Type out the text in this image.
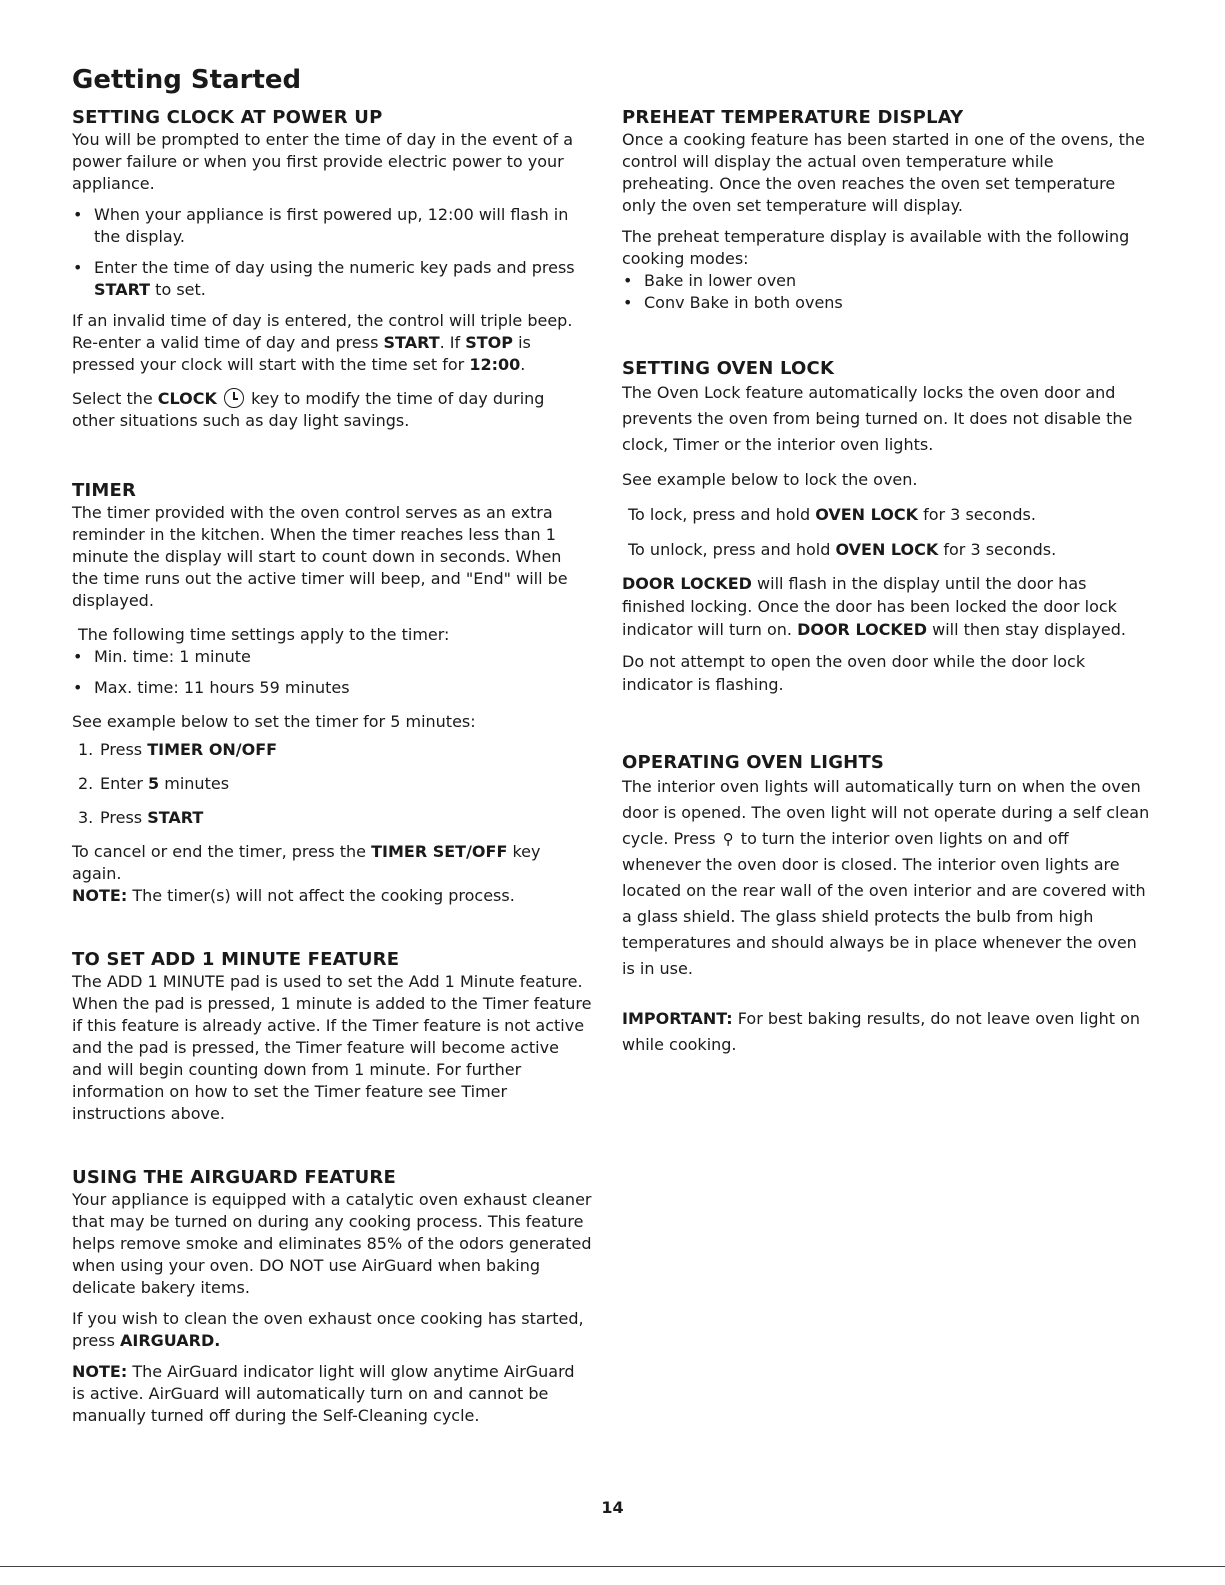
Getting Started
SETTING CLOCK AT POWER UP

You will be prompted to enter the time of day in the event of a power failure or when you first provide electric power to your appliance.

• When your appliance is first powered up, 12:00 will flash in the display.
• Enter the time of day using the numeric key pads and press START to set.

If an invalid time of day is entered, the control will triple beep. Re-enter a valid time of day and press START. If STOP is pressed your clock will start with the time set for 12:00.

Select the CLOCK  key to modify the time of day during other situations such as day light savings.

TIMER

The timer provided with the oven control serves as an extra reminder in the kitchen. When the timer reaches less than 1 minute the display will start to count down in seconds. When the time runs out the active timer will beep, and "End" will be displayed.

The following time settings apply to the timer:

• Min. time: 1 minute
• Max. time: 11 hours 59 minutes

See example below to set the timer for 5 minutes:

1. Press TIMER ON/OFF
2. Enter 5 minutes
3. Press START

To cancel or end the timer, press the TIMER SET/OFF key again.

NOTE: The timer(s) will not affect the cooking process.

TO SET ADD 1 MINUTE FEATURE

The ADD 1 MINUTE pad is used to set the Add 1 Minute feature. When the pad is pressed, 1 minute is added to the Timer feature if this feature is already active. If the Timer feature is not active and the pad is pressed, the Timer feature will become active and will begin counting down from 1 minute. For further information on how to set the Timer feature see Timer instructions above.

USING THE AIRGUARD FEATURE

Your appliance is equipped with a catalytic oven exhaust cleaner that may be turned on during any cooking process. This feature helps remove smoke and eliminates 85% of the odors generated when using your oven. DO NOT use AirGuard when baking delicate bakery items.

If you wish to clean the oven exhaust once cooking has started, press AIRGUARD.

NOTE: The AirGuard indicator light will glow anytime AirGuard is active. AirGuard will automatically turn on and cannot be manually turned off during the Self-Cleaning cycle.

PREHEAT TEMPERATURE DISPLAY

Once a cooking feature has been started in one of the ovens, the control will display the actual oven temperature while preheating. Once the oven reaches the oven set temperature only the oven set temperature will display.

The preheat temperature display is available with the following cooking modes:

• Bake in lower oven
• Conv Bake in both ovens
SETTING OVEN LOCK

The Oven Lock feature automatically locks the oven door and prevents the oven from being turned on. It does not disable the clock, Timer or the interior oven lights.

See example below to lock the oven.

To lock, press and hold OVEN LOCK for 3 seconds.

To unlock, press and hold OVEN LOCK for 3 seconds.

DOOR LOCKED will flash in the display until the door has finished locking. Once the door has been locked the door lock indicator will turn on. DOOR LOCKED will then stay displayed.

Do not attempt to open the oven door while the door lock indicator is flashing.

OPERATING OVEN LIGHTS

The interior oven lights will automatically turn on when the oven door is opened. The oven light will not operate during a self clean cycle. Press ⚲ to turn the interior oven lights on and off whenever the oven door is closed. The interior oven lights are located on the rear wall of the oven interior and are covered with a glass shield. The glass shield protects the bulb from high temperatures and should always be in place whenever the oven is in use.

IMPORTANT: For best baking results, do not leave oven light on while cooking.

14
